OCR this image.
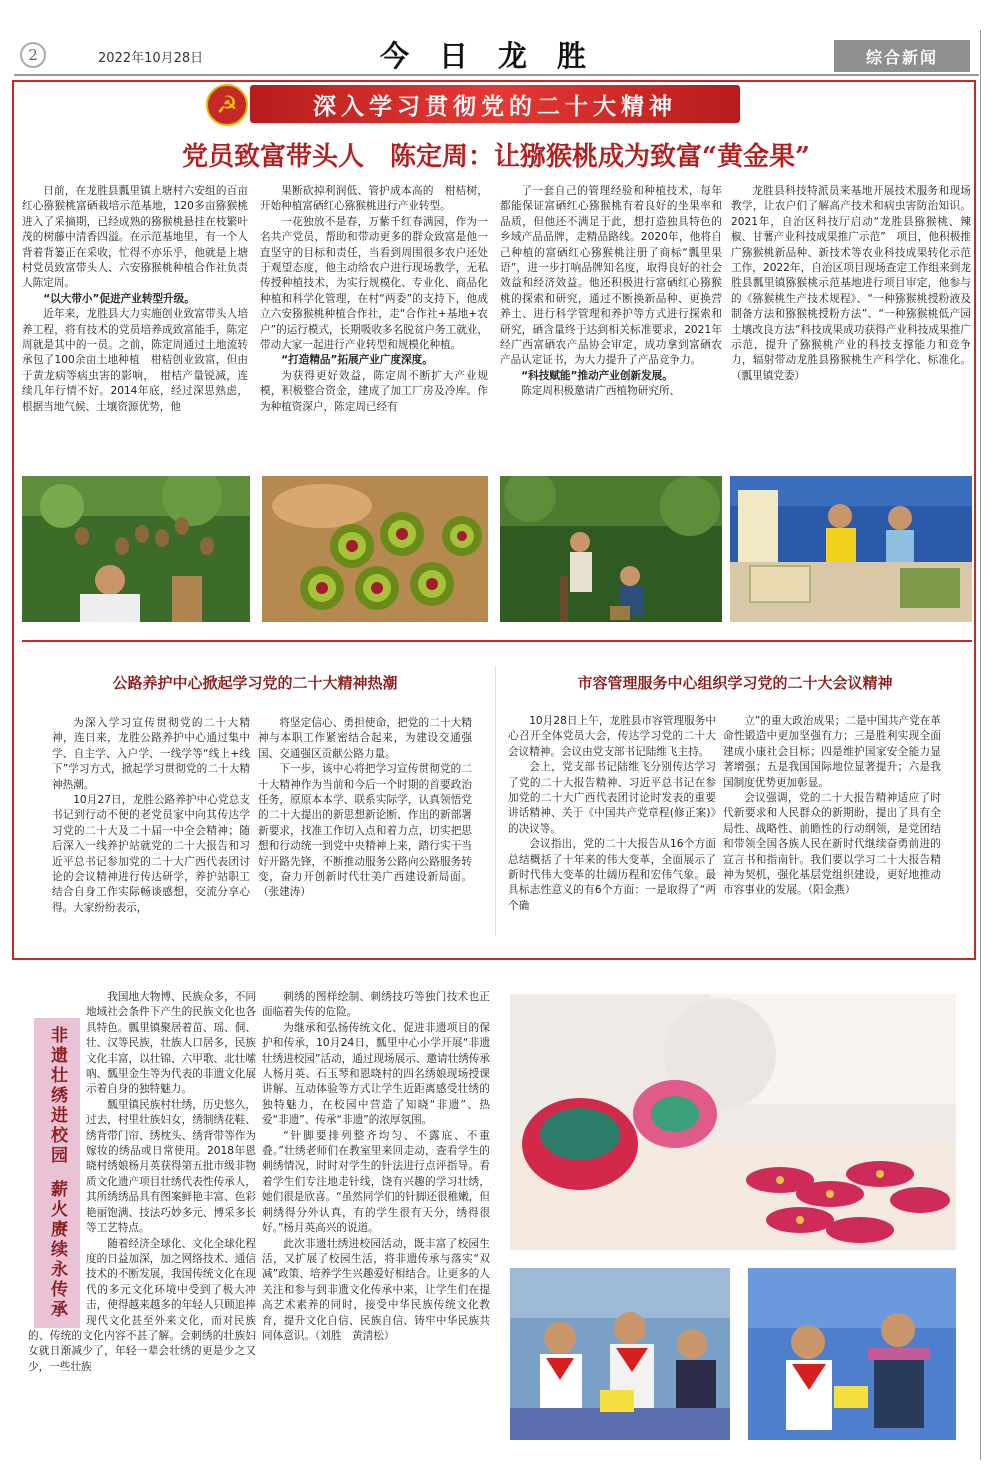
2	2022年10月28日	今日龙胜	综合新闻
☭	深入学习贯彻党的二十大精神
党员致富带头人　陈定周：让猕猴桃成为致富“黄金果”

日前，在龙胜县瓢里镇上塘村六安组的百亩红心猕猴桃富硒栽培示范基地，120多亩猕猴桃进入了采摘期，已经成熟的猕猴桃悬挂在枝繁叶茂的树藤中清香四溢。在示范基地里，有一个人背着背篓正在采收，忙得不亦乐乎，他就是上塘村党员致富带头人、六安猕猴桃种植合作社负责人陈定周。

“以大带小”促进产业转型升级。

近年来，龙胜县大力实施创业致富带头人培养工程，将有技术的党员培养成致富能手，陈定周就是其中的一员。之前，陈定周通过土地流转承包了100余亩土地种植　柑桔创业致富，但由于黄龙病等病虫害的影响，　柑桔产量锐减，连续几年行情不好。2014年底，经过深思熟虑，根据当地气候、土壤资源优势，他

果断砍掉利润低、管护成本高的　柑桔树，开始种植富硒红心猕猴桃进行产业转型。

一花独放不是春，万紫千红春满园，作为一名共产党员，帮助和带动更多的群众致富是他一直坚守的目标和责任，当看到周围很多农户还处于观望态度，他主动给农户进行现场教学，无私传授种植技术，为实行规模化、专业化、商品化种植和科学化管理，在村“两委”的支持下，他成立六安猕猴桃种植合作社，走“合作社+基地+农户”的运行模式，长期吸收多名脱贫户务工就业，带动大家一起进行产业转型和规模化种植。

“打造精品”拓展产业广度深度。

为获得更好效益，陈定周不断扩大产业规模，积极整合资金，建成了加工厂房及冷库。作为种植资深户，陈定周已经有

了一套自己的管理经验和种植技术，每年都能保证富硒红心猕猴桃有着良好的坐果率和品质，但他还不满足于此，想打造独具特色的乡域产品品牌，走精品路线。2020年，他将自己种植的富硒红心猕猴桃注册了商标“瓢里果语”，进一步打响品牌知名度，取得良好的社会效益和经济效益。他还积极进行富硒红心猕猴桃的探索和研究，通过不断换新品种、更换营养土、进行科学管理和养护等方式进行探索和研究，硒含量终于达到相关标准要求，2021年经广西富硒农产品协会审定，成功拿到富硒农产品认定证书，为大力提升了产品竞争力。

“科技赋能”推动产业创新发展。

陈定周积极邀请广西植物研究所、

龙胜县科技特派员来基地开展技术服务和现场教学，让农户们了解高产技术和病虫害防治知识。2021年，自治区科技厅启动“龙胜县猕猴桃、辣椒、甘薯产业科技成果推广示范”　项目，他积极推广猕猴桃新品种、新技术等农业科技成果转化示范工作，2022年，自治区项目现场查定工作组来到龙胜县瓢里镇猕猴桃示范基地进行项目审定，他参与的《猕猴桃生产技术规程》、“一种猕猴桃授粉液及制备方法和猕猴桃授粉方法”、“一种猕猴桃低产园土壤改良方法”科技成果成功获得产业科技成果推广示范，提升了猕猴桃产业的科技支撑能力和竞争力，辐射带动龙胜县猕猴桃生产科学化、标准化。（瓢里镇党委）

公路养护中心掀起学习党的二十大精神热潮

为深入学习宣传贯彻党的二十大精神，连日来，龙胜公路养护中心通过集中学、自主学、入户学、一线学等“线上+线下”学习方式，掀起学习贯彻党的二十大精神热潮。

10月27日，龙胜公路养护中心党总支书记到行动不便的老党员家中向其传达学习党的二十大及二十届一中全会精神；随后深入一线养护站就党的二十大报告和习近平总书记参加党的二十大广西代表团讨论的会议精神进行传达研学，养护站职工结合自身工作实际畅谈感想，交流分享心得。大家纷纷表示，

将坚定信心、勇担使命，把党的二十大精神与本职工作紧密结合起来，为建设交通强国、交通强区贡献公路力量。

下一步，该中心将把学习宣传贯彻党的二十大精神作为当前和今后一个时期的首要政治任务，原原本本学、联系实际学，认真领悟党的二十大提出的新思想新论断、作出的新部署新要求，找准工作切入点和着力点，切实把思想和行动统一到党中央精神上来，踏行实干当好开路先锋，不断推动服务公路向公路服务转变，奋力开创新时代壮美广西建设新局面。（张建涛）

市容管理服务中心组织学习党的二十大会议精神

10月28日上午，龙胜县市容管理服务中心召开全体党员大会，传达学习党的二十大会议精神。会议由党支部书记陆维飞主持。

会上，党支部书记陆维飞分别传达学习了党的二十大报告精神、习近平总书记在参加党的二十大广西代表团讨论时发表的重要讲话精神、关于《中国共产党章程(修正案)》的决议等。

会议指出，党的二十大报告从16个方面总结概括了十年来的伟大变革，全面展示了新时代伟大变革的壮阔历程和宏伟气象。最具标志性意义的有6个方面：一是取得了“两个确

立”的重大政治成果；二是中国共产党在革命性锻造中更加坚强有力；三是胜利实现全面建成小康社会目标；四是维护国家安全能力显著增强；五是我国国际地位显著提升；六是我国制度优势更加彰显。

会议强调，党的二十大报告精神适应了时代新要求和人民群众的新期盼，提出了具有全局性、战略性、前瞻性的行动纲领，是党团结和带领全国各族人民在新时代继续奋勇前进的宣言书和指南针。我们要以学习二十大报告精神为契机，强化基层党组织建设，更好地推动市容事业的发展。（阳金燕）

非遗壮绣进校园
薪火赓续永传承

我国地大物博、民族众多，不同地域社会条件下产生的民族文化也各具特色。瓢里镇聚居着苗、瑶、侗、壮、汉等民族，壮族人口居多，民族文化丰富，以壮锦、六甲歌、北壮嗦吶、瓢里金生等为代表的非遗文化展示着自身的独特魅力。

瓢里镇民族村壮绣，历史悠久，过去，村里壮族妇女，绣制绣花鞋、绣背带门帘、绣枕头、绣背带等作为嫁妆的绣品或日常使用。2018年恩晓村绣娘杨月英获得第五批市级非物质文化遗产项目壮绣代表性传承人，其所绣绣品具有图案鲜艳丰富、色彩艳丽饱满、技法巧妙多元、博采多长等工艺特点。

随着经济全球化、文化全球化程度的日益加深，加之网络技术、通信技术的不断发展，我国传统文化在现代的多元文化环境中受到了极大冲击，使得越来越多的年轻人只顾追捧现代文化甚至外来文化，而对民族的、传统的文化内容不甚了解。会刺绣的壮族妇女就日渐减少了，年轻一辈会壮绣的更是少之又少，一些壮族

刺绣的图样绘制、刺绣技巧等独门技术也正面临着失传的危险。

为继承和弘扬传统文化、促进非遗项目的保护和传承，10月24日，瓢里中心小学开展“非遗壮绣进校园”活动，通过现场展示、邀请壮绣传承人杨月英、石玉琴和恩晓村的四名绣娘现场授课讲解、互动体验等方式让学生近距离感受壮绣的独特魅力，在校园中营造了知晓“非遗”、热爱“非遗”、传承“非遗”的浓厚氛围。

“针脚要排列整齐均匀、不露底、不重叠。”壮绣老师们在教室里来回走动，查看学生的刺绣情况，时时对学生的针法进行点评指导。看着学生们专注地走针线，饶有兴趣的学习壮绣，她们很是欣喜。“虽然同学们的针脚还很稚嫩，但刺绣得分外认真，有的学生很有天分，绣得很好。”杨月英高兴的说道。

此次非遗壮绣进校园活动，既丰富了校园生活，又扩展了校园生活，将非遗传承与落实“双减”政策、培养学生兴趣爱好相结合。让更多的人关注和参与到非遗文化传承中来，让学生们在提高艺术素养的同时，接受中华民族传统文化教育，提升文化自信、民族自信、铸牢中华民族共同体意识。（刘胜　黄清松）
